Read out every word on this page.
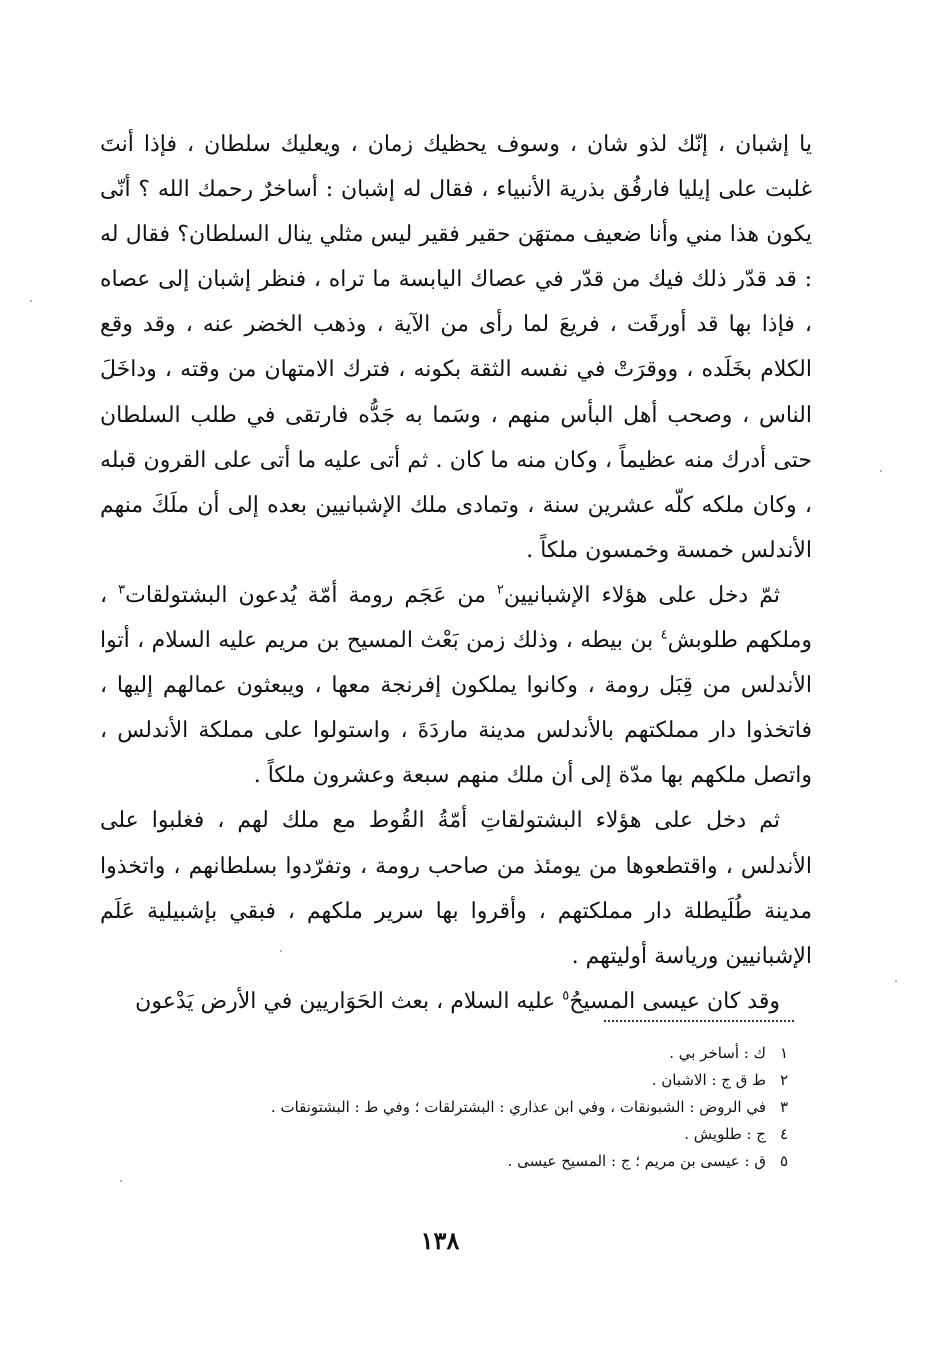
يا إشبان ، إنّك لذو شان ، وسوف يحظيك زمان ، ويعليك سلطان ، فإذا أنتَ غلبت على إيليا فارفُق بذرية الأنبياء ، فقال له إشبان : أساخرٌ رحمك الله ؟ أنّى يكون هذا مني وأنا ضعيف ممتهَن حقير فقير ليس مثلي ينال السلطان؟ فقال له : قد قدّر ذلك فيك من قدّر في عصاك اليابسة ما تراه ، فنظر إشبان إلى عصاه ، فإذا بها قد أورقَت ، فريعَ لما رأى من الآية ، وذهب الخضر عنه ، وقد وقع الكلام بخَلَده ، ووقرَتْ في نفسه الثقة بكونه ، فترك الامتهان من وقته ، وداخَلَ الناس ، وصحب أهل البأس منهم ، وسَما به جَدُّه فارتقى في طلب السلطان حتى أدرك منه عظيماً ، وكان منه ما كان . ثم أتى عليه ما أتى على القرون قبله ، وكان ملكه كلّه عشرين سنة ، وتمادى ملك الإشبانيين بعده إلى أن ملَكَ منهم الأندلس خمسة وخمسون ملكاً .

ثمّ دخل على هؤلاء الإشبانيين$^٢$ من عَجَم رومة أمّة يُدعون البشتولقات$^٣$ ، وملكهم طلوبش$^٤$ بن بيطه ، وذلك زمن بَعْث المسيح بن مريم عليه السلام ، أتوا الأندلس من قِبَل رومة ، وكانوا يملكون إفرنجة معها ، ويبعثون عمالهم إليها ، فاتخذوا دار مملكتهم بالأندلس مدينة ماردَةَ ، واستولوا على مملكة الأندلس ، واتصل ملكهم بها مدّة إلى أن ملك منهم سبعة وعشرون ملكاً .

ثم دخل على هؤلاء البشتولقاتِ أمّةُ القُوط مع ملك لهم ، فغلبوا على الأندلس ، واقتطعوها من يومئذ من صاحب رومة ، وتفرّدوا بسلطانهم ، واتخذوا مدينة طُلَيطلة دار مملكتهم ، وأقروا بها سرير ملكهم ، فبقي بإشبيلية عَلَم الإشبانيين ورياسة أوليتهم .

وقد كان عيسى المسيحُ$^٥$ عليه السلام ، بعث الحَوَاريين في الأرض يَدْعون

١ك : أساخر بي .

٢ط ق ج : الاشبان .

٣في الروض : الشبونقات ، وفي ابن عذاري : البشترلقات ؛ وفي ط : البشتونقات .

٤ج : طلويش .

٥ق : عيسى بن مريم ؛ ج : المسيح عيسى .

١٣٨
